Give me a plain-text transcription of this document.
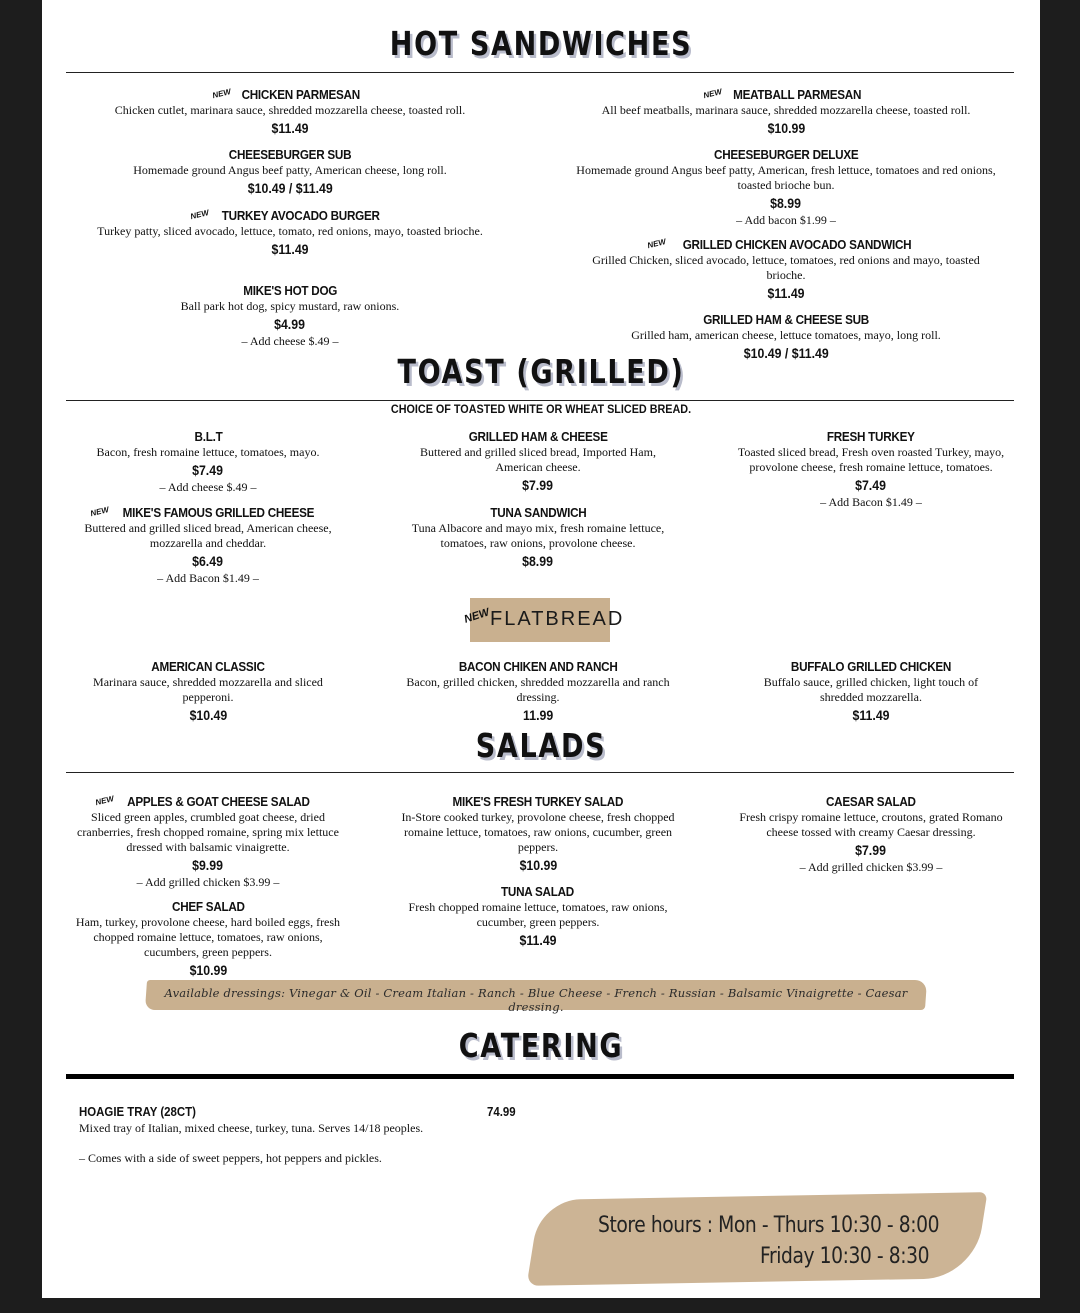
HOT SANDWICHES
NEW CHICKEN PARMESAN
Chicken cutlet, marinara sauce, shredded mozzarella cheese, toasted roll.
$11.49
NEW MEATBALL PARMESAN
All beef meatballs, marinara sauce, shredded mozzarella cheese, toasted roll.
$10.99
CHEESEBURGER SUB
Homemade ground Angus beef patty, American cheese, long roll.
$10.49 / $11.49
CHEESEBURGER DELUXE
Homemade ground Angus beef patty, American, fresh lettuce, tomatoes and red onions, toasted brioche bun.
$8.99
– Add bacon $1.99 –
NEW TURKEY AVOCADO BURGER
Turkey patty, sliced avocado, lettuce, tomato, red onions, mayo, toasted brioche.
$11.49	NEW GRILLED CHICKEN AVOCADO SANDWICH
Grilled Chicken, sliced avocado, lettuce, tomatoes, red onions and mayo, toasted brioche.
$11.49
MIKE'S HOT DOG
Ball park hot dog, spicy mustard, raw onions.
$4.99
– Add cheese $.49 –
GRILLED HAM & CHEESE SUB
Grilled ham, american cheese, lettuce tomatoes, mayo, long roll.
$10.49 / $11.49
TOAST (GRILLED)
CHOICE OF TOASTED WHITE OR WHEAT SLICED BREAD.
B.L.T
Bacon, fresh romaine lettuce, tomatoes, mayo.
$7.49
– Add cheese $.49 –
GRILLED HAM & CHEESE
Buttered and grilled sliced bread, Imported Ham, American cheese.
$7.99
FRESH TURKEY
Toasted sliced bread, Fresh oven roasted Turkey, mayo, provolone cheese, fresh romaine lettuce, tomatoes.
$7.49
– Add Bacon $1.49 –
NEW MIKE'S FAMOUS GRILLED CHEESE
Buttered and grilled sliced bread, American cheese, mozzarella and cheddar.
$6.49
– Add Bacon $1.49 –
TUNA SANDWICH
Tuna Albacore and mayo mix, fresh romaine lettuce, tomatoes, raw onions, provolone cheese.
$8.99
NEW FLATBREAD
AMERICAN CLASSIC
Marinara sauce, shredded mozzarella and sliced pepperoni.
$10.49
BACON CHIKEN AND RANCH
Bacon, grilled chicken, shredded mozzarella and ranch dressing.
11.99
BUFFALO GRILLED CHICKEN
Buffalo sauce, grilled chicken, light touch of shredded mozzarella.
$11.49
SALADS
NEW APPLES & GOAT CHEESE SALAD
Sliced green apples, crumbled goat cheese, dried cranberries, fresh chopped romaine, spring mix lettuce dressed with balsamic vinaigrette.
$9.99
– Add grilled chicken $3.99 –
MIKE'S FRESH TURKEY SALAD
In-Store cooked turkey, provolone cheese, fresh chopped romaine lettuce, tomatoes, raw onions, cucumber, green peppers.
$10.99
CAESAR SALAD
Fresh crispy romaine lettuce, croutons, grated Romano cheese tossed with creamy Caesar dressing.
$7.99
– Add grilled chicken $3.99 –
CHEF SALAD
Ham, turkey, provolone cheese, hard boiled eggs, fresh chopped romaine lettuce, tomatoes, raw onions, cucumbers, green peppers.
$10.99
TUNA SALAD
Fresh chopped romaine lettuce, tomatoes, raw onions, cucumber, green peppers.
$11.49
Available dressings: Vinegar & Oil - Cream Italian - Ranch - Blue Cheese - French - Russian - Balsamic Vinaigrette - Caesar dressing.
CATERING
HOAGIE TRAY (28CT)	74.99
Mixed tray of Italian, mixed cheese, turkey, tuna. Serves 14/18 peoples.
– Comes with a side of sweet peppers, hot peppers and pickles.
Store hours : Mon - Thurs 10:30 - 8:00
Friday 10:30 - 8:30
